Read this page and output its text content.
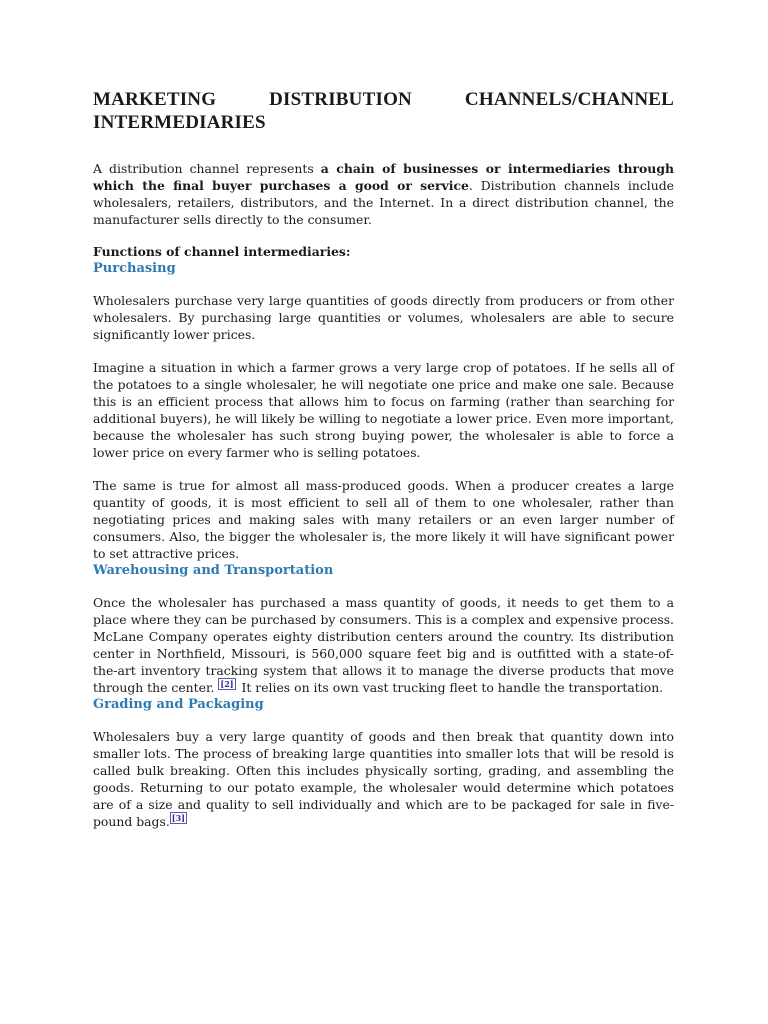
MARKETING	DISTRIBUTION	CHANNELS/CHANNEL
INTERMEDIARIES

A distribution channel represents a chain of businesses or intermediaries through which the final buyer purchases a good or service. Distribution channels include wholesalers, retailers, distributors, and the Internet. In a direct distribution channel, the manufacturer sells directly to the consumer.

Functions of channel intermediaries:

Purchasing

Wholesalers purchase very large quantities of goods directly from producers or from other wholesalers. By purchasing large quantities or volumes, wholesalers are able to secure significantly lower prices.

Imagine a situation in which a farmer grows a very large crop of potatoes. If he sells all of the potatoes to a single wholesaler, he will negotiate one price and make one sale. Because this is an efficient process that allows him to focus on farming (rather than searching for additional buyers), he will likely be willing to negotiate a lower price. Even more important, because the wholesaler has such strong buying power, the wholesaler is able to force a lower price on every farmer who is selling potatoes.

The same is true for almost all mass-produced goods. When a producer creates a large quantity of goods, it is most efficient to sell all of them to one wholesaler, rather than negotiating prices and making sales with many retailers or an even larger number of consumers. Also, the bigger the wholesaler is, the more likely it will have significant power to set attractive prices.

Warehousing and Transportation

Once the wholesaler has purchased a mass quantity of goods, it needs to get them to a place where they can be purchased by consumers. This is a complex and expensive process. McLane Company operates eighty distribution centers around the country. Its distribution center in Northfield, Missouri, is 560,000 square feet big and is outfitted with a state-of-the-art inventory tracking system that allows it to manage the diverse products that move through the center. [2] It relies on its own vast trucking fleet to handle the transportation.

Grading and Packaging

Wholesalers buy a very large quantity of goods and then break that quantity down into smaller lots. The process of breaking large quantities into smaller lots that will be resold is called bulk breaking. Often this includes physically sorting, grading, and assembling the goods. Returning to our potato example, the wholesaler would determine which potatoes are of a size and quality to sell individually and which are to be packaged for sale in five-pound bags. [3]
